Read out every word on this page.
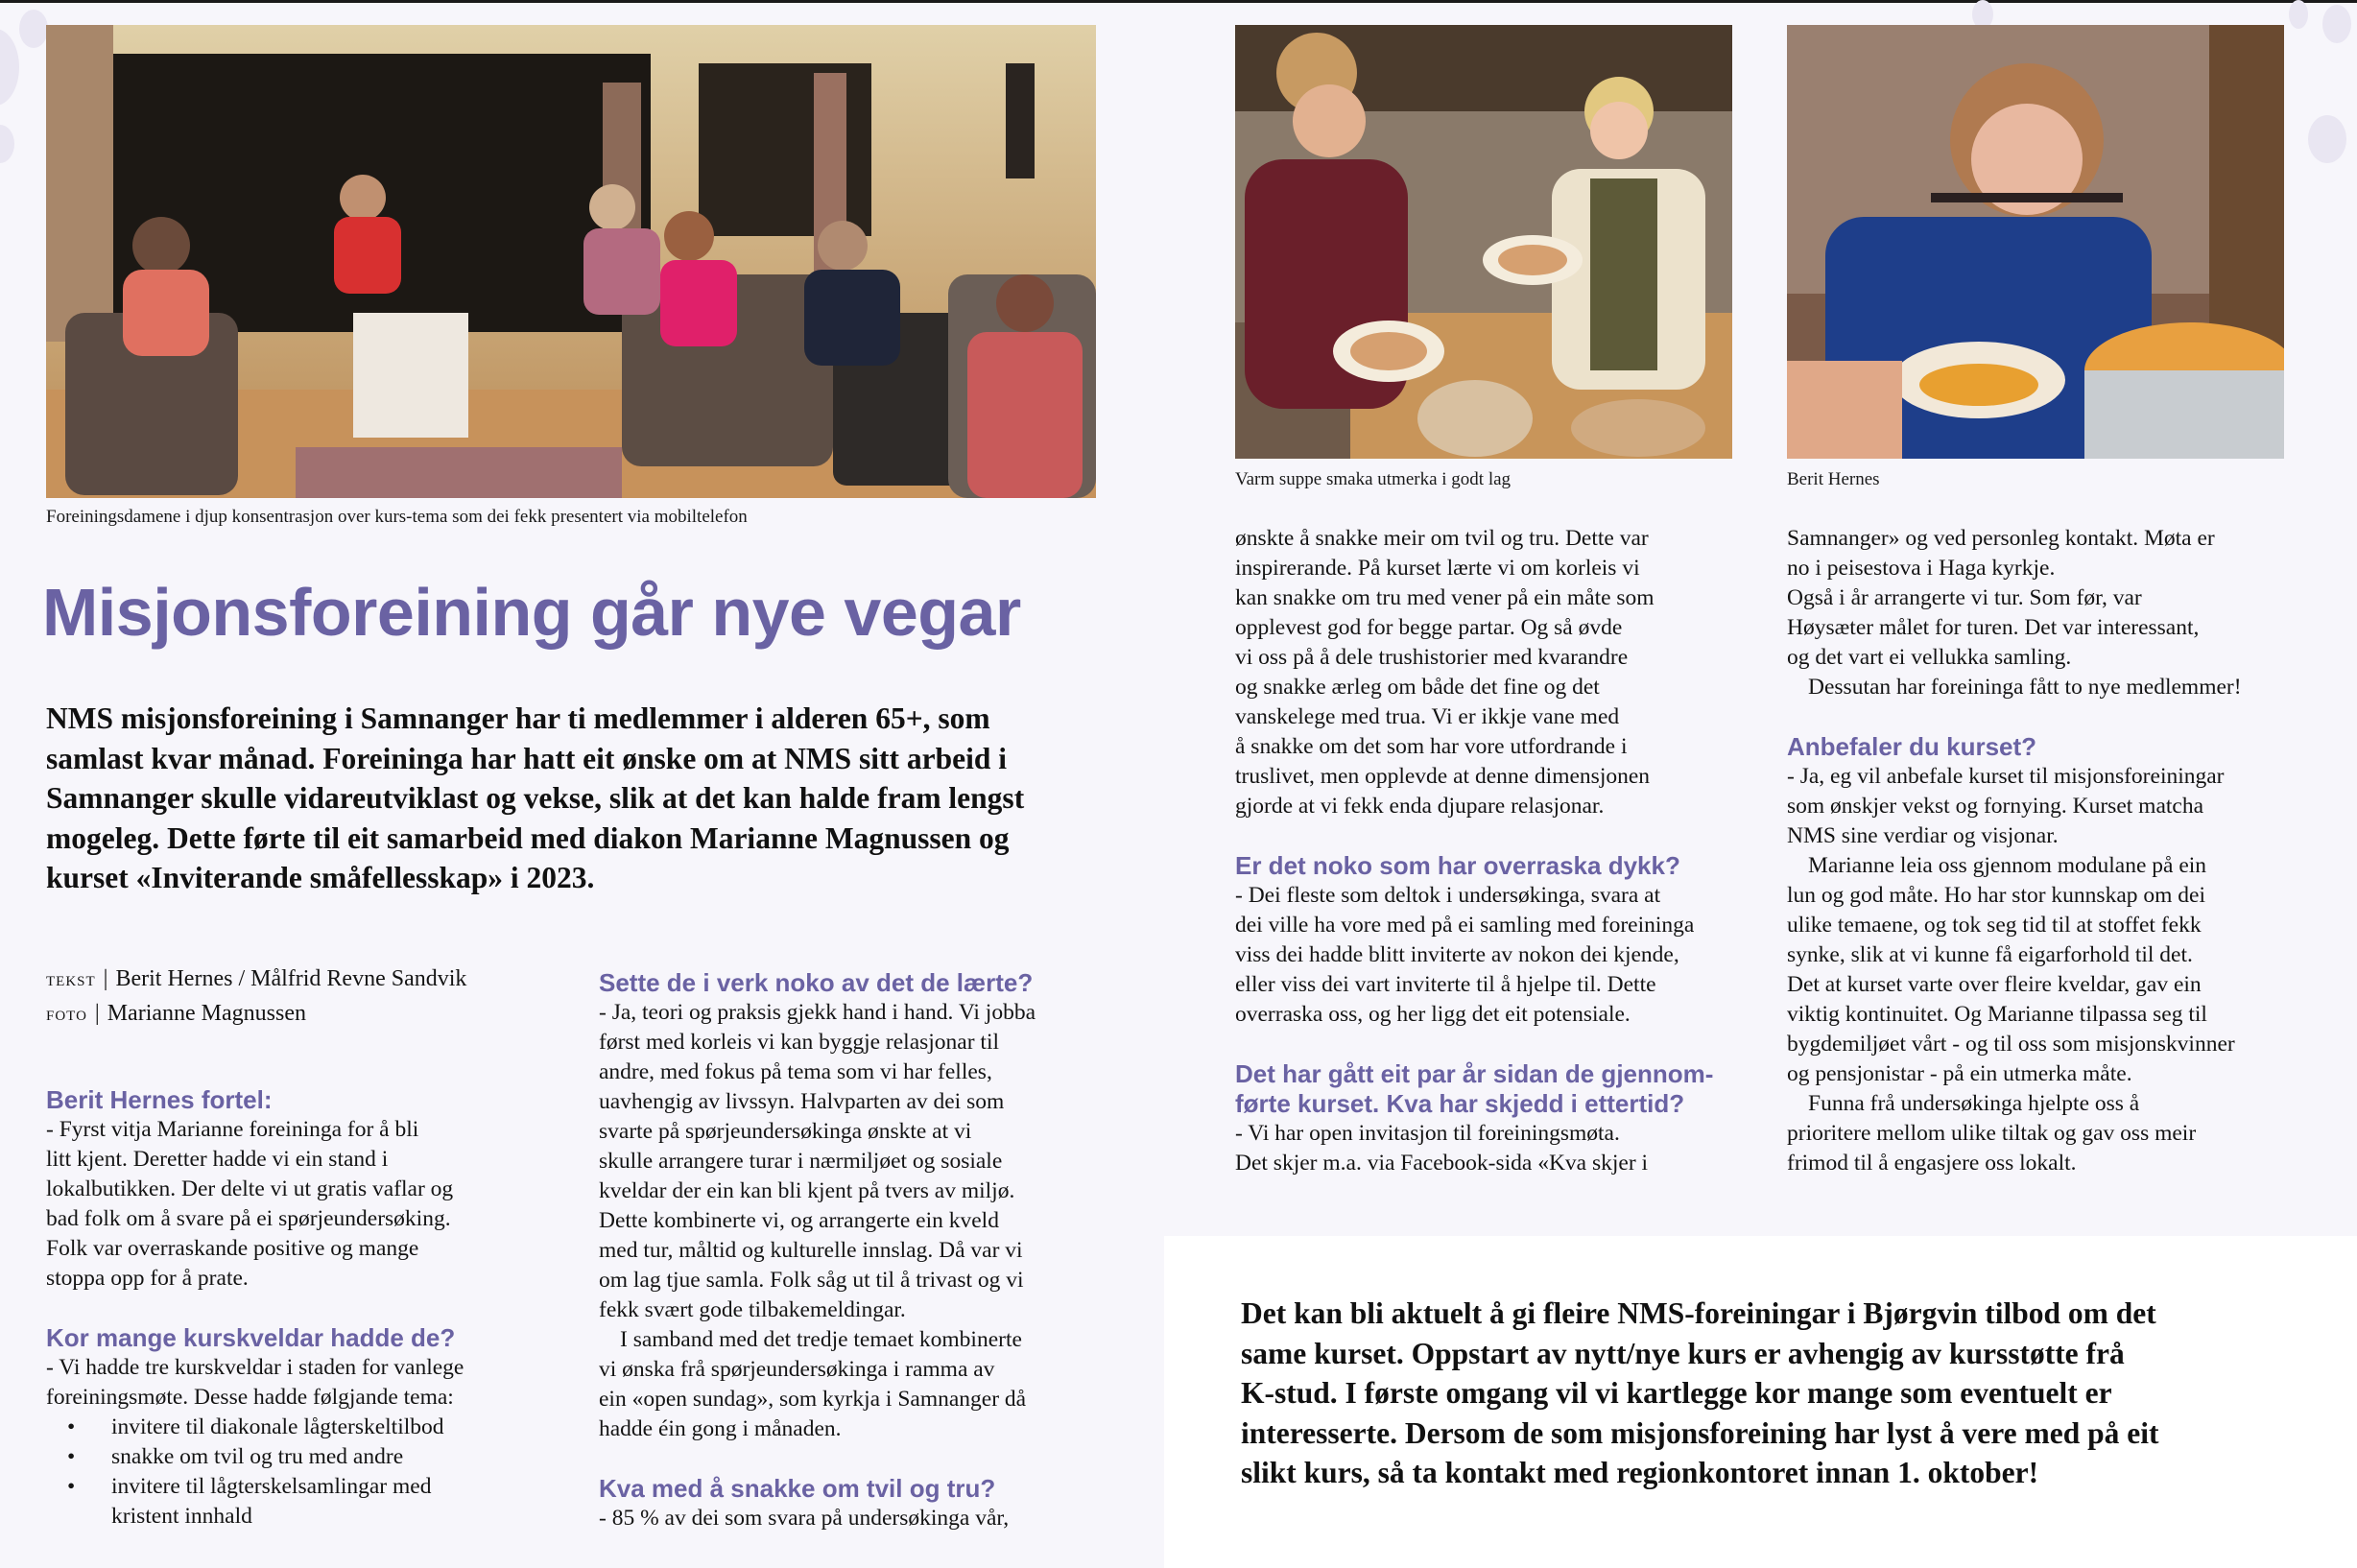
Foreiningsdamene i djup konsentrasjon over kurs-tema som dei fekk presentert via mobiltelefon
Varm suppe smaka utmerka i godt lag	Berit Hernes
Misjonsforeining går nye vegar
NMS misjonsforeining i Samnanger har ti medlemmer i alderen 65+, som
samlast kvar månad. Foreininga har hatt eit ønske om at NMS sitt arbeid i
Samnanger skulle vidareutviklast og vekse, slik at det kan halde fram lengst
mogeleg. Dette førte til eit samarbeid med diakon Marianne Magnussen og
kurset «Inviterande småfellesskap» i 2023.
TEKST | Berit Hernes / Målfrid Revne Sandvik
FOTO | Marianne Magnussen
Berit Hernes fortel:
- Fyrst vitja Marianne foreininga for å bli
litt kjent. Deretter hadde vi ein stand i
lokalbutikken. Der delte vi ut gratis vaflar og
bad folk om å svare på ei spørjeundersøking.
Folk var overraskande positive og mange
stoppa opp for å prate.
Kor mange kurskveldar hadde de?
- Vi hadde tre kurskveldar i staden for vanlege
foreiningsmøte. Desse hadde følgjande tema:
• invitere til diakonale lågterskeltilbod
• snakke om tvil og tru med andre
• invitere til lågterskelsamlingar med
kristent innhald
Sette de i verk noko av det de lærte?
- Ja, teori og praksis gjekk hand i hand. Vi jobba
først med korleis vi kan byggje relasjonar til
andre, med fokus på tema som vi har felles,
uavhengig av livssyn. Halvparten av dei som
svarte på spørjeundersøkinga ønskte at vi
skulle arrangere turar i nærmiljøet og sosiale
kveldar der ein kan bli kjent på tvers av miljø.
Dette kombinerte vi, og arrangerte ein kveld
med tur, måltid og kulturelle innslag. Då var vi
om lag tjue samla. Folk såg ut til å trivast og vi
fekk svært gode tilbakemeldingar.
I samband med det tredje temaet kombinerte
vi ønska frå spørjeundersøkinga i ramma av
ein «open sundag», som kyrkja i Samnanger då
hadde éin gong i månaden.
Kva med å snakke om tvil og tru?
- 85 % av dei som svara på undersøkinga vår,
ønskte å snakke meir om tvil og tru. Dette var
inspirerande. På kurset lærte vi om korleis vi
kan snakke om tru med vener på ein måte som
opplevest god for begge partar. Og så øvde
vi oss på å dele trushistorier med kvarandre
og snakke ærleg om både det fine og det
vanskelege med trua. Vi er ikkje vane med
å snakke om det som har vore utfordrande i
truslivet, men opplevde at denne dimensjonen
gjorde at vi fekk enda djupare relasjonar.
Er det noko som har overraska dykk?
- Dei fleste som deltok i undersøkinga, svara at
dei ville ha vore med på ei samling med foreininga
viss dei hadde blitt inviterte av nokon dei kjende,
eller viss dei vart inviterte til å hjelpe til. Dette
overraska oss, og her ligg det eit potensiale.
Det har gått eit par år sidan de gjennom-
førte kurset. Kva har skjedd i ettertid?
- Vi har open invitasjon til foreiningsmøta.
Det skjer m.a. via Facebook-sida «Kva skjer i
Samnanger» og ved personleg kontakt. Møta er
no i peisestova i Haga kyrkje.
Også i år arrangerte vi tur. Som før, var
Høysæter målet for turen. Det var interessant,
og det vart ei vellukka samling.
Dessutan har foreininga fått to nye medlemmer!
Anbefaler du kurset?
- Ja, eg vil anbefale kurset til misjonsforeiningar
som ønskjer vekst og fornying. Kurset matcha
NMS sine verdiar og visjonar.
Marianne leia oss gjennom modulane på ein
lun og god måte. Ho har stor kunnskap om dei
ulike temaene, og tok seg tid til at stoffet fekk
synke, slik at vi kunne få eigarforhold til det.
Det at kurset varte over fleire kveldar, gav ein
viktig kontinuitet. Og Marianne tilpassa seg til
bygdemiljøet vårt - og til oss som misjonskvinner
og pensjonistar - på ein utmerka måte.
Funna frå undersøkinga hjelpte oss å
prioritere mellom ulike tiltak og gav oss meir
frimod til å engasjere oss lokalt.
Det kan bli aktuelt å gi fleire NMS-foreiningar i Bjørgvin tilbod om det
same kurset. Oppstart av nytt/nye kurs er avhengig av kursstøtte frå
K-stud. I første omgang vil vi kartlegge kor mange som eventuelt er
interesserte. Dersom de som misjonsforeining har lyst å vere med på eit
slikt kurs, så ta kontakt med regionkontoret innan 1. oktober!
